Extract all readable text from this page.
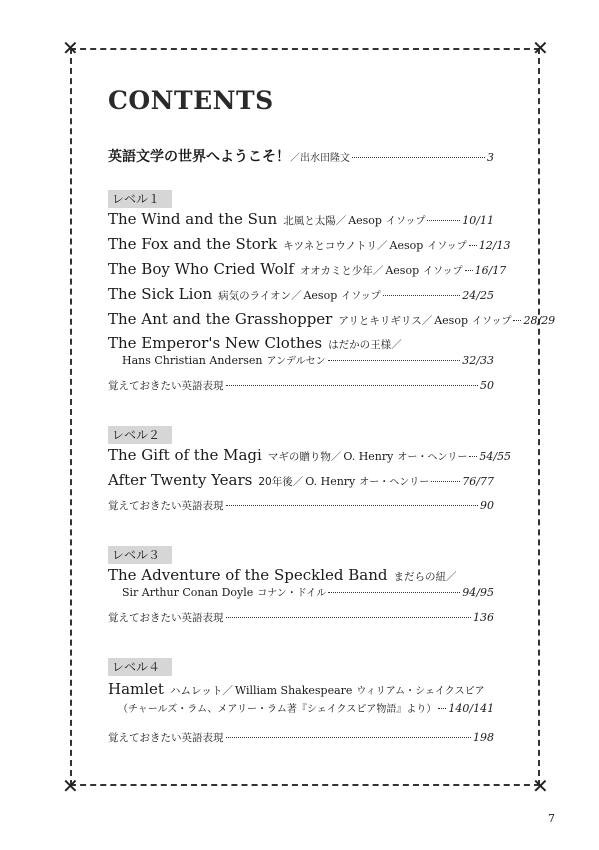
✕	✕
✕	✕
CONTENTS
英語文学の世界へようこそ！ ／出水田隆文	3
レベル１
The Wind and the Sun 北風と太陽／ Aesop イソップ	10/11
The Fox and the Stork キツネとコウノトリ／ Aesop イソップ 12/13
The Boy Who Cried Wolf オオカミと少年／ Aesop イソップ 16/17
The Sick Lion 病気のライオン／ Aesop イソップ	24/25
The Ant and the Grasshopper アリとキリギリス／ Aesop イソップ 28/29
The Emperor's New Clothes はだかの王様／
Hans Christian Andersen アンデルセン	32/33
覚えておきたい英語表現	50
レベル２
The Gift of the Magi マギの贈り物／ O. Henry オー・ヘンリー 54/55
After Twenty Years 20年後／ O. Henry オー・ヘンリー	76/77
覚えておきたい英語表現	90
レベル３
The Adventure of the Speckled Band まだらの紐／
Sir Arthur Conan Doyle コナン・ドイル	94/95
覚えておきたい英語表現	136
レベル４
Hamlet ハムレット／ William Shakespeare ウィリアム・シェイクスピア
（チャールズ・ラム、メアリー・ラム著『シェイクスピア物語』より） 140/141
覚えておきたい英語表現	198
7
